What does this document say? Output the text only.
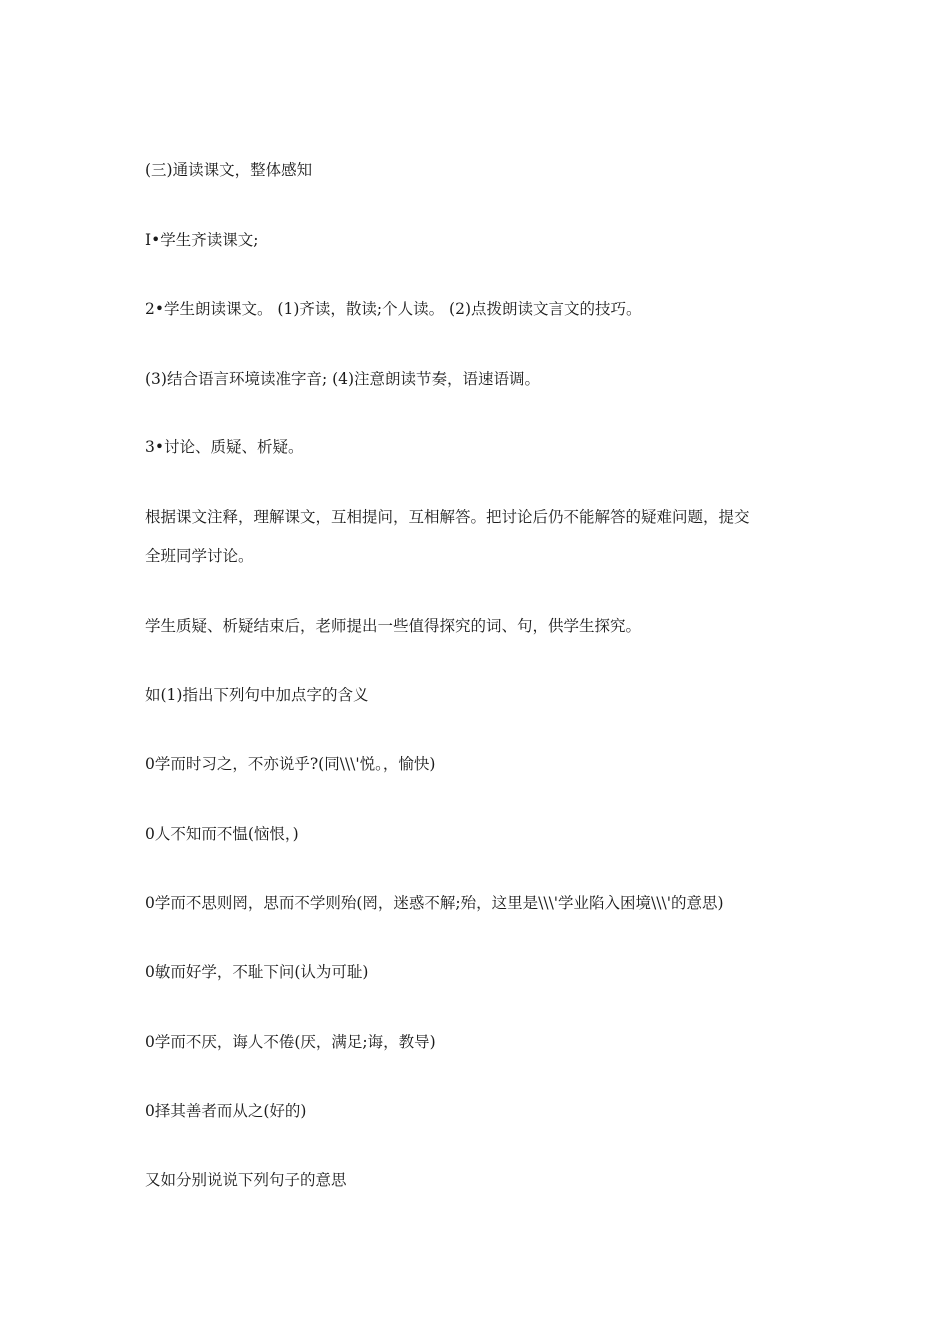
(三)通读课文，整体感知
I•学生齐读课文;
2•学生朗读课文。 (1)齐读，散读;个人读。 (2)点拨朗读文言文的技巧。
(3)结合语言环境读准字音; (4)注意朗读节奏，语速语调。
3•讨论、质疑、析疑。
根据课文注释，理解课文，互相提问，互相解答。把讨论后仍不能解答的疑难问题，提交
全班同学讨论。
学生质疑、析疑结束后，老师提出一些值得探究的词、句，供学生探究。
如(1)指出下列句中加点字的含义
0学而时习之，不亦说乎?(同\\\'悦。，愉快)
0人不知而不愠(恼恨，)
0学而不思则罔，思而不学则殆(罔，迷惑不解;殆，这里是\\\'学业陷入困境\\\'的意思)
0敏而好学，不耻下问(认为可耻)
0学而不厌，诲人不倦(厌，满足;诲，教导)
0择其善者而从之(好的)
又如分别说说下列句子的意思
